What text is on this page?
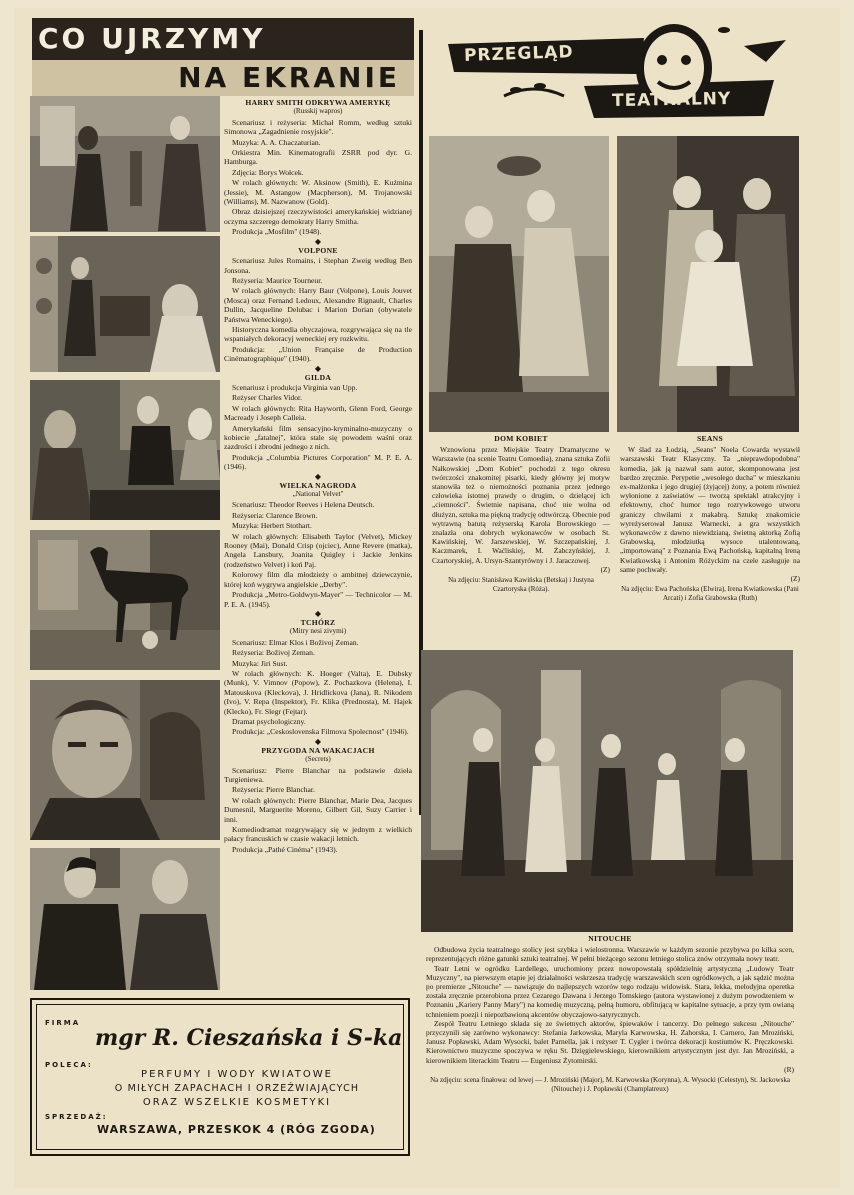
CO UJRZYMY
NA EKRANIE
HARRY SMITH ODKRYWA AMERYKĘ
(Russkij wapros)

Scenariusz i reżyseria: Michał Romm, według sztuki Simonowa „Zagadnienie rosyjskie".

Muzyka: A. A. Chaczaturian.

Orkiestra Min. Kinematografii ZSRR pod dyr. G. Hamburga.

Zdjęcia: Borys Wołcek.

W rolach głównych: W. Aksinow (Smith), E. Kuźmina (Jessie), M. Astangow (Macpherson), M. Trojanowski (Williams), M. Nazwanow (Gold).

Obraz dzisiejszej rzeczywistości amerykańskiej widzianej oczyma szczerego demokraty Harry Smitha.

Produkcja „Mosfilm" (1948).

◆
VOLPONE

Scenariusz Jules Romains, i Stephan Zweig według Ben Jonsona.

Reżyseria: Maurice Tourneur.

W rolach głównych: Harry Baur (Volpone), Louis Jouvet (Mosca) oraz Fernand Ledoux, Alexandre Rignault, Charles Dullin, Jacqueline Delubac i Marion Dorian (obywatele Państwa Weneckiego).

Historyczna komedia obyczajowa, rozgrywająca się na tle wspaniałych dekoracyj weneckiej ery rozkwitu.

Produkcja: „Union Française de Production Cinématographique" (1940).

◆
GILDA

Scenariusz i produkcja Virginia van Upp.

Reżyser Charles Vidor.

W rolach głównych: Rita Hayworth, Glenn Ford, George Macready i Joseph Calleia.

Amerykański film sensacyjno-kryminalno-muzyczny o kobiecie „fatalnej", która stale się powodem waśni oraz zazdrości i zbrodni jednego z nich.

Produkcja „Columbia Pictures Corporation" M. P. E. A. (1946).

◆
WIELKA NAGRODA
„National Velvet"

Scenariusz: Theodor Reeves i Helena Deutsch.

Reżyseria: Clarence Brown.

Muzyka: Herbert Stothart.

W rolach głównych: Elisabeth Taylor (Velvet), Mickey Rooney (Mai), Donald Crisp (ojciec), Anne Revere (matka), Angela Lansbury, Joanita Quigley i Jackie Jenkins (rodzeństwo Velvet) i koń Paj.

Kolorowy film dla młodzieży o ambitnej dziewczynie, której koń wygrywa angielskie „Derby".

Produkcja „Metro-Goldwyn-Mayer" — Technicolor — M. P. E. A. (1945).

◆
TCHÓRZ
(Mitry nesi zivymi)

Scenariusz: Elmar Klos i Boživoj Zeman.

Reżyseria: Boživoj Zeman.

Muzyka: Jiri Sust.

W rolach głównych: K. Hoeger (Valta), E. Dubsky (Munk), V. Vimnov (Popow), Z. Pochazkova (Helena), I. Matouskova (Kleckova), J. Hridlickova (Jana), R. Nikodem (Ivo), V. Repa (Inspektor), Fr. Klika (Prednosta), M. Hajek (Klecko), Fr. Slegr (Fejtar).

Dramat psychologiczny.

Produkcja: „Ceskoslovenska Filmova Spolecnost" (1946).

◆
PRZYGODA NA WAKACJACH
(Secrets)

Scenariusz: Pierre Blanchar na podstawie dzieła Turgieniewa.

Reżyseria: Pierre Blanchar.

W rolach głównych: Pierre Blanchar, Marie Dea, Jacques Dumesnil, Marguerite Moreno, Gilbert Gil, Suzy Carrier i inni.

Komediodramat rozgrywający się w jednym z wielkich pałacy francuskich w czasie wakacji letnich.

Produkcja „Pathé Cinéma" (1943).

PRZEGLĄD
TEATRALNY
DOM KOBIET

Wznowiona przez Miejskie Teatry Dramatyczne w Warszawie (na scenie Teatru Comoedia), znana sztuka Zofii Nałkowskiej „Dom Kobiet" pochodzi z tego okresu twórczości znakomitej pisarki, kiedy główny jej motyw stanowiła też o niemożności poznania przez jednego człowieka istotnej prawdy o drugim, o dzielącej ich „ciemności". Świetnie napisana, choć nie wolna od dłużyzn, sztuka ma piękną tradycję odtwórczą. Obecnie pod wytrawną batutą reżyserską Karola Borowskiego — znalazła ona dobrych wykonawców w osobach St. Kawińskiej, W. Jarszewskiej, W. Szczepańskiej, J. Kaczmarek, I. Waćliskiej, M. Żabczyńskiej, J. Czartoryskiej, A. Ursyn-Szantyrówny i J. Jaraczowej.

(Z)
Na zdjęciu: Stanisława Kawińska (Betska) i Justyna Czartoryska (Róża).
SEANS

W ślad za Łodzią, „Seans" Noela Cowarda wystawił warszawski Teatr Klasyczny. Ta „nieprawdopodobna" komedia, jak ją nazwał sam autor, skomponowana jest bardzo zręcznie. Perypetie „wesołego ducha" w mieszkaniu ex-małżonka i jego drugiej (żyjącej) żony, a potem również wyłonione z zaświatów — tworzą spektakl atrakcyjny i efektowny, choć humor tego rozrywkowego utworu graniczy chwilami z makabrą. Sztukę znakomicie wyreżyserował Janusz Warnecki, a gra wszystkich wykonawców z dawno niewidzianą, świetną aktorką Zofią Grabowską, młodziutką wysoce utalentowaną, „importowaną" z Poznania Ewą Pachońską, kapitalną Ireną Kwiatkowską i Antonim Różyckim na czele zasługuje na same pochwały.

(Z)
Na zdjęciu: Ewa Pachońska (Elwira), Irena Kwiatkowska (Pani Arcati) i Zofia Grabowska (Ruth)
NITOUCHE

Odbudowa życia teatralnego stolicy jest szybka i wielostronna. Warszawie w każdym sezonie przybywa po kilka scen, reprezentujących różne gatunki sztuki teatralnej. W pełni bieżącego sezonu letniego stolica znów otrzymała nowy teatr.

Teatr Letni w ogródku Lardellego, uruchomiony przez nowopowstałą spółdzielnię artystyczną „Ludowy Teatr Muzyczny", na pierwszym etapie jej działalności wskrzesza tradycję warszawskich scen ogródkowych, a jak sądzić można po premierze „Nitouche" — nawiązuje do najlepszych wzorów tego rodzaju widowisk. Stara, lekka, melodyjna operetka została zręcznie przerobiona przez Cezarego Dawana i Jerzego Tomskiego (autora wystawionej z dużym powodzeniem w Poznaniu „Kariery Panny Mary") na komedię muzyczną, pełną humoru, obfitującą w kapitalne sytuacje, a przy tym owianą tchnieniem poezji i niepozbawioną akcentów obyczajowo-satyrycznych.

Zespół Teatru Letniego składa się ze świetnych aktorów, śpiewaków i tancerzy. Do pełnego sukcesu „Nitouche" przyczynili się zarówno wykonawcy: Stefania Jarkowska, Maryla Karwowska, H. Zahorska, I. Carnero, Jan Mroziński, Janusz Popławski, Adam Wysocki, balet Parnella, jak i reżyser T. Cygler i twórca dekoracji kostiumów K. Pręczkowski. Kierownictwo muzyczne spoczywa w ręku St. Dzięgielewskiego, kierownikiem artystycznym jest dyr. Jan Mroziński, a kierownikiem literackim Teatru — Eugeniusz Żytomirski.

(R)
Na zdjęciu: scena finałowa: od lewej — J. Mroziński (Major), M. Karwowska (Korynna), A. Wysocki (Celestyn), St. Jackowska (Nitouche) i J. Popławski (Champlatreux)
FIRMA
mgr R. Cieszańska i S-ka
POLECA:
PERFUMY I WODY KWIATOWE
O MIŁYCH ZAPACHACH I ORZEŹWIAJĄCYCH
ORAZ WSZELKIE KOSMETYKI
SPRZEDAŻ:
WARSZAWA, PRZESKOK 4 (RÓG ZGODA)
